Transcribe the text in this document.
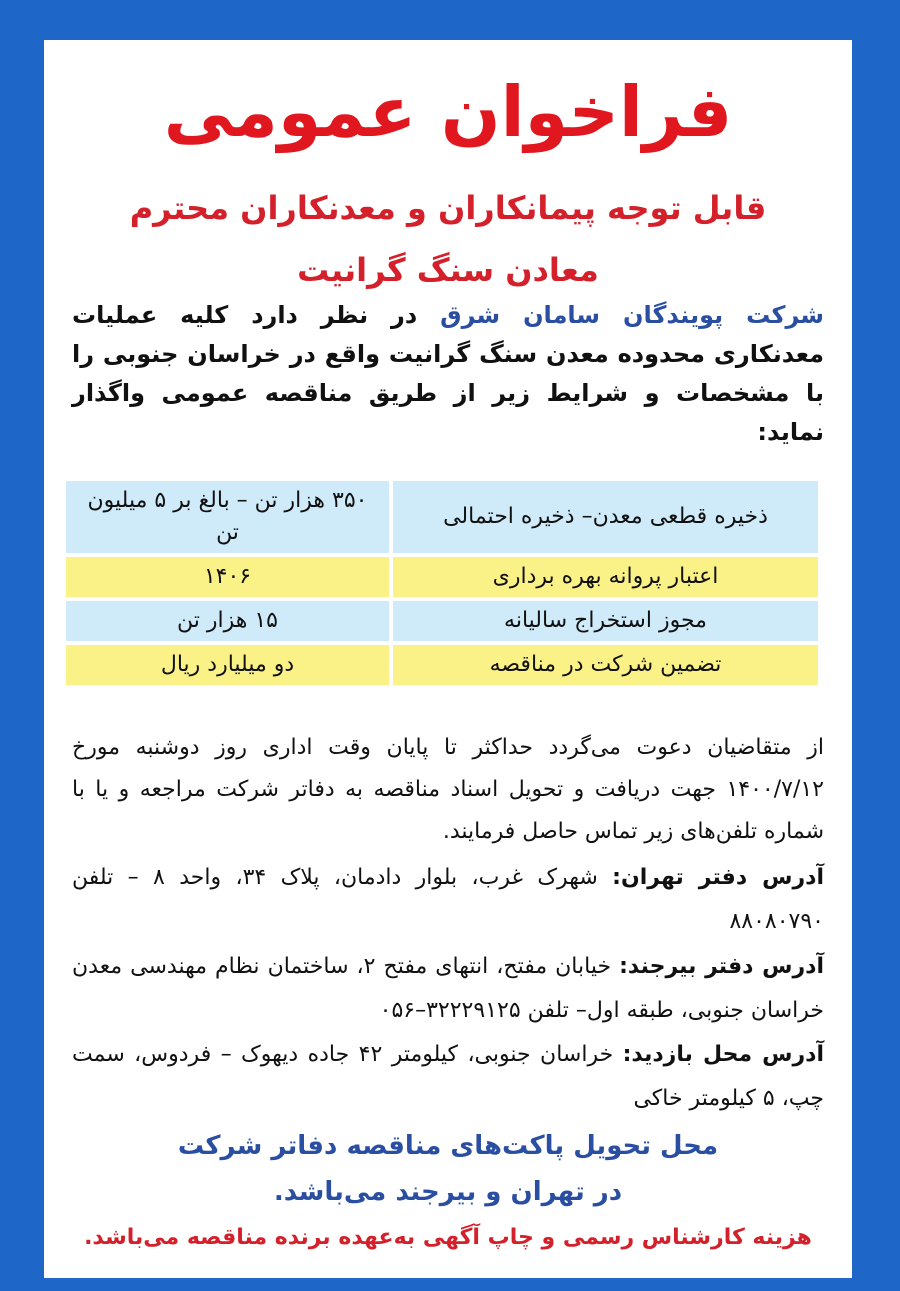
فراخوان عمومی
قابل توجه پیمانکاران و معدنکاران محترم
معادن سنگ گرانیت
شرکت پویندگان سامان شرق در نظر دارد کلیه عملیات معدنکاری محدوده معدن سنگ گرانیت واقع در خراسان جنوبی را با مشخصات و شرایط زیر از طریق مناقصه عمومی واگذار نماید:
ذخیره قطعی معدن– ذخیره احتمالی	۳۵۰ هزار تن – بالغ بر ۵ میلیون تن
اعتبار پروانه بهره برداری	۱۴۰۶
مجوز استخراج سالیانه	۱۵ هزار تن
تضمین شرکت در مناقصه	دو میلیارد ریال
از متقاضیان دعوت می‌گردد حداکثر تا پایان وقت اداری روز دوشنبه مورخ ۱۴۰۰/۷/۱۲ جهت دریافت و تحویل اسناد مناقصه به دفاتر شرکت مراجعه و یا با شماره تلفن‌های زیر تماس حاصل فرمایند.
آدرس دفتر تهران: شهرک غرب، بلوار دادمان، پلاک ۳۴، واحد ۸ – تلفن ۸۸۰۸۰۷۹۰
آدرس دفتر بیرجند: خیابان مفتح، انتهای مفتح ۲، ساختمان نظام مهندسی معدن خراسان جنوبی، طبقه اول– تلفن ۳۲۲۲۹۱۲۵–۰۵۶
آدرس محل بازدید: خراسان جنوبی، کیلومتر ۴۲ جاده دیهوک – فردوس، سمت چپ، ۵ کیلومتر خاکی
محل تحویل پاکت‌های مناقصه دفاتر شرکت
در تهران و بیرجند می‌باشد.
هزینه کارشناس رسمی و چاپ آگهی به‌عهده برنده مناقصه می‌باشد.
